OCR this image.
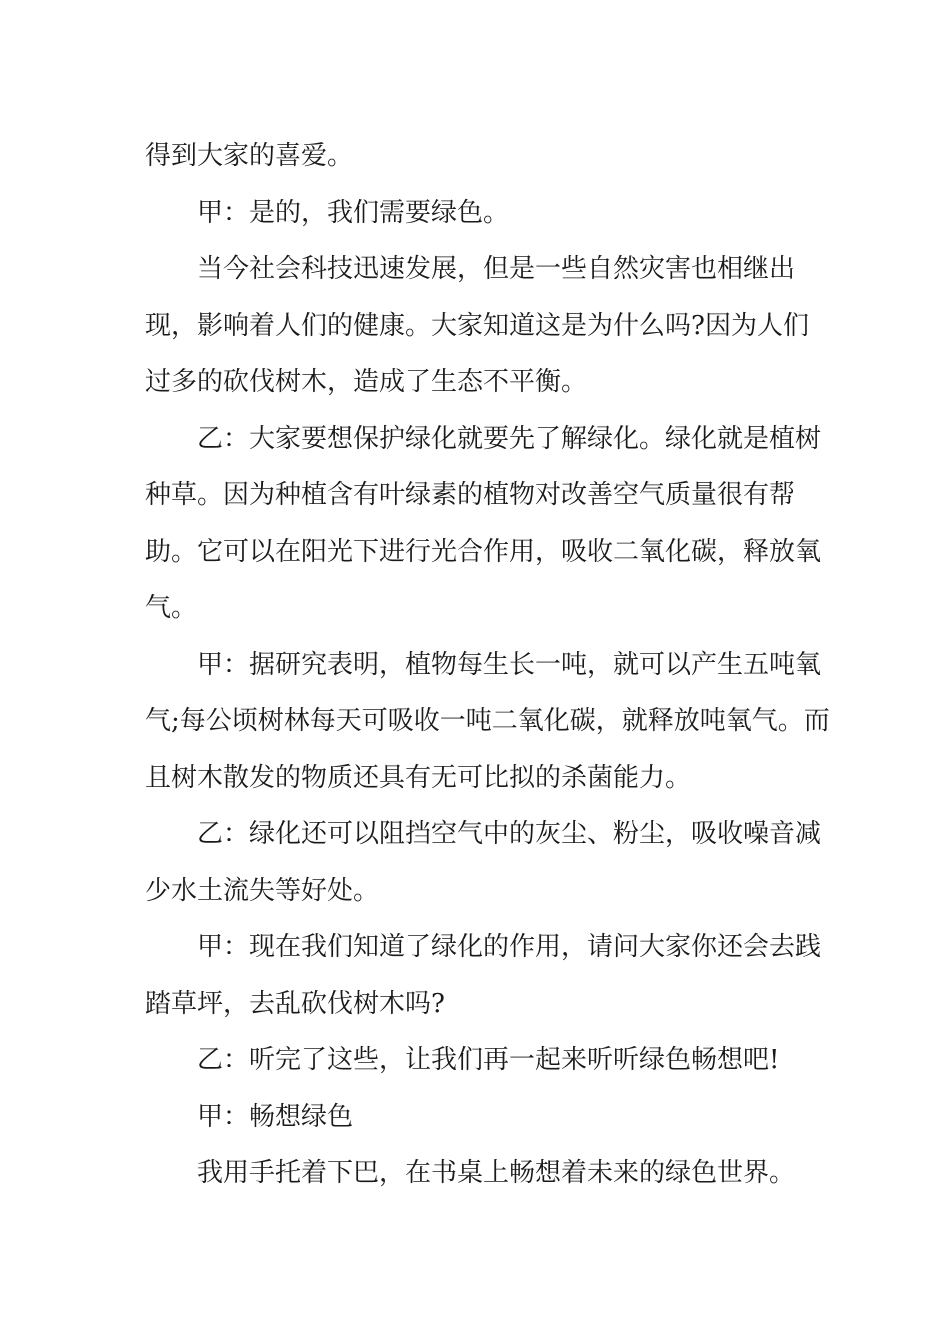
得到大家的喜爱。

甲：是的，我们需要绿色。

当今社会科技迅速发展，但是一些自然灾害也相继出现，影响着人们的健康。大家知道这是为什么吗?因为人们过多的砍伐树木，造成了生态不平衡。

乙：大家要想保护绿化就要先了解绿化。绿化就是植树种草。因为种植含有叶绿素的植物对改善空气质量很有帮助。它可以在阳光下进行光合作用，吸收二氧化碳，释放氧气。

甲：据研究表明，植物每生长一吨，就可以产生五吨氧气;每公顷树林每天可吸收一吨二氧化碳，就释放吨氧气。而且树木散发的物质还具有无可比拟的杀菌能力。

乙：绿化还可以阻挡空气中的灰尘、粉尘，吸收噪音减少水土流失等好处。

甲：现在我们知道了绿化的作用，请问大家你还会去践踏草坪，去乱砍伐树木吗?

乙：听完了这些，让我们再一起来听听绿色畅想吧!

甲：畅想绿色

我用手托着下巴，在书桌上畅想着未来的绿色世界。
